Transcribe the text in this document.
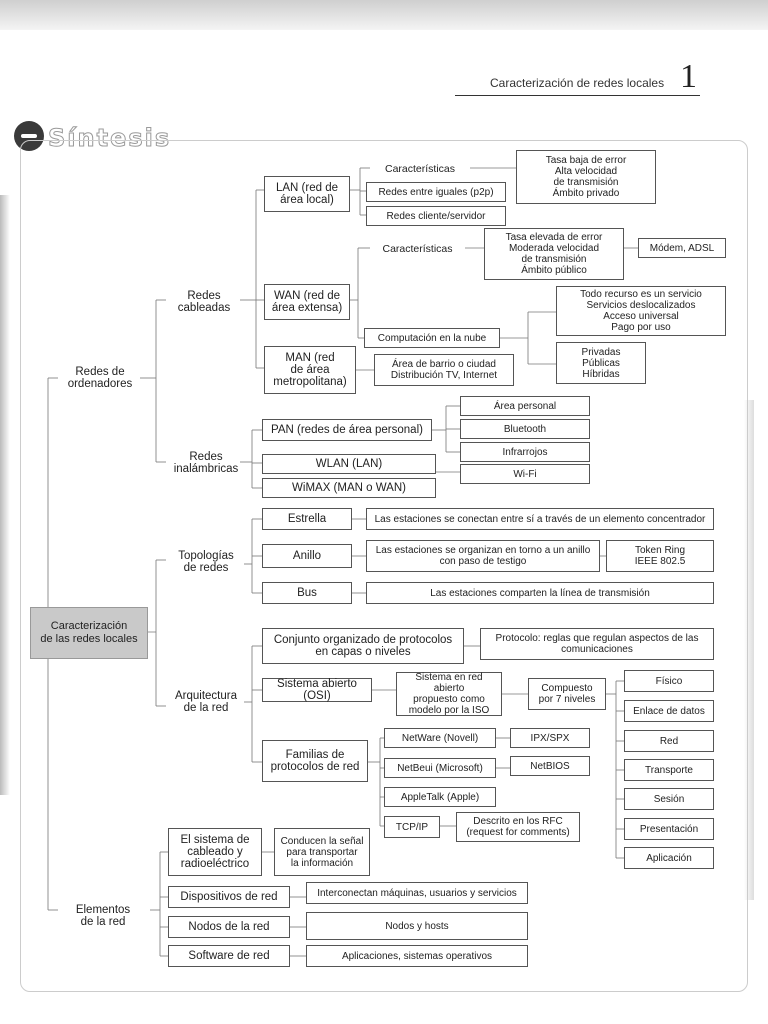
Caracterización de redes locales 1
Síntesis
Caracterización
de las redes locales
Redes de
ordenadores
Redes
cableadas
Redes
inalámbricas
Topologías
de redes
Arquitectura
de la red
Elementos
de la red
LAN (red de
área local)
Características
Tasa baja de error
Alta velocidad
de transmisión
Ámbito privado
Redes entre iguales (p2p)
Redes cliente/servidor
WAN (red de
área extensa)
Características
Tasa elevada de error
Moderada velocidad
de transmisión
Ámbito público
Módem, ADSL
Computación en la nube
Todo recurso es un servicio
Servicios deslocalizados
Acceso universal
Pago por uso
Privadas
Públicas
Híbridas
MAN (red
de área
metropolitana)
Área de barrio o ciudad
Distribución TV, Internet
PAN (redes de área personal)
Área personal
Bluetooth
Infrarrojos
WLAN (LAN)
WiMAX (MAN o WAN)
Wi-Fi
Estrella	Las estaciones se conectan entre sí a través de un elemento concentrador
Anillo	Las estaciones se organizan en torno a un anillo
con paso de testigo
Token Ring
IEEE 802.5
Bus	Las estaciones comparten la línea de transmisión
Conjunto organizado de protocolos
en capas o niveles
Protocolo: reglas que regulan aspectos de las
comunicaciones
Sistema abierto (OSI)
Sistema en red abierto
propuesto como
modelo por la ISO
Compuesto
por 7 niveles
Físico
Enlace de datos
Red
Transporte
Sesión
Presentación
Aplicación
Familias de
protocolos de red
NetWare (Novell)	IPX/SPX
NetBeui (Microsoft)	NetBIOS
AppleTalk (Apple)
TCP/IP	Descrito en los RFC
(request for comments)
El sistema de
cableado y
radioeléctrico
Conducen la señal
para transportar
la información
Dispositivos de red	Interconectan máquinas, usuarios y servicios
Nodos de la red	Nodos y hosts
Software de red	Aplicaciones, sistemas operativos
